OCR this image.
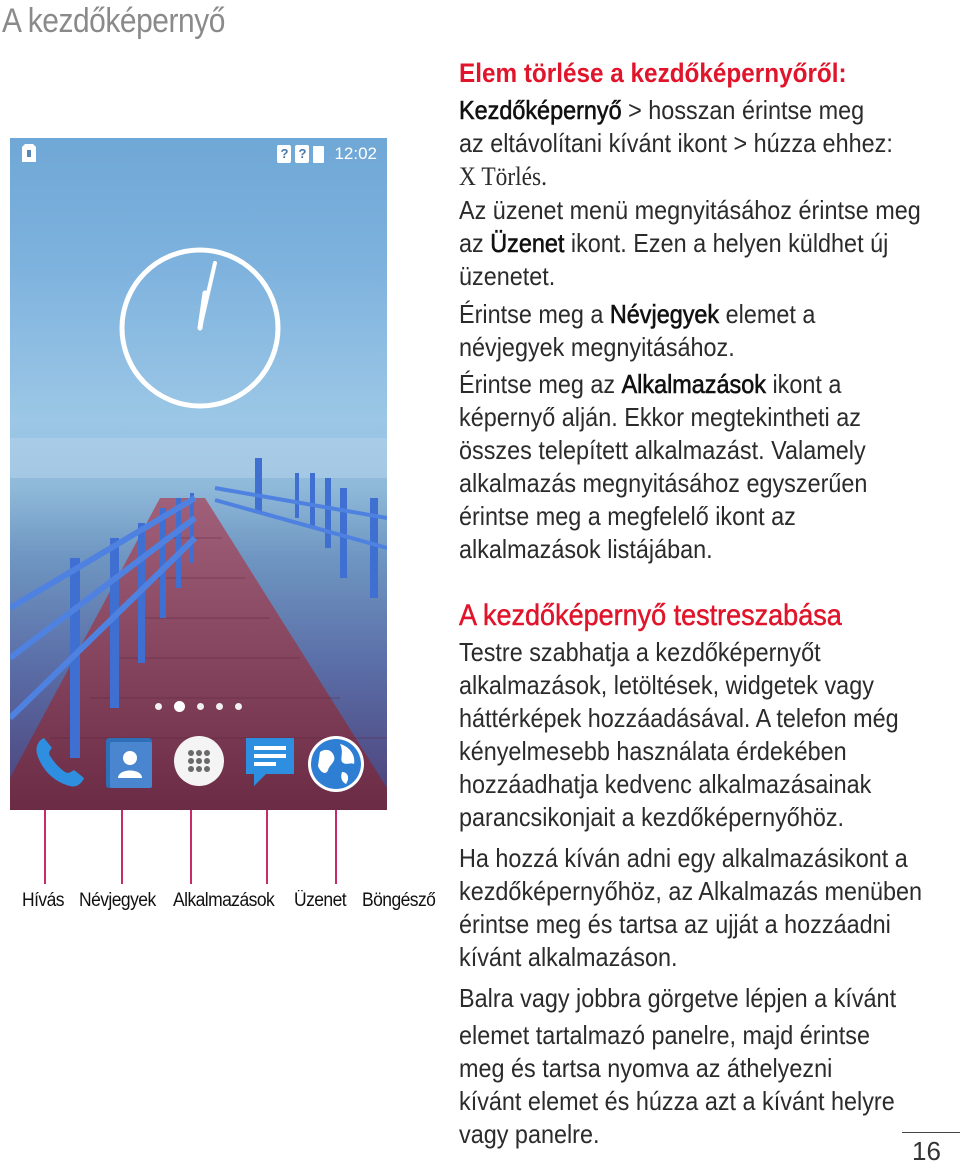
A kezdőképernyő
? ? 12:02
Hívás Névjegyek Alkalmazások Üzenet Böngésző
Elem törlése a kezdőképernyőről:
Kezdőképernyő > hosszan érintse meg
az eltávolítani kívánt ikont > húzza ehhez:
X Törlés.
Az üzenet menü megnyitásához érintse meg
az Üzenet ikont. Ezen a helyen küldhet új
üzenetet.
Érintse meg a Névjegyek elemet a
névjegyek megnyitásához.
Érintse meg az Alkalmazások ikont a
képernyő alján. Ekkor megtekintheti az
összes telepített alkalmazást. Valamely
alkalmazás megnyitásához egyszerűen
érintse meg a megfelelő ikont az
alkalmazások listájában.
A kezdőképernyő testreszabása
Testre szabhatja a kezdőképernyőt
alkalmazások, letöltések, widgetek vagy
háttérképek hozzáadásával. A telefon még
kényelmesebb használata érdekében
hozzáadhatja kedvenc alkalmazásainak
parancsikonjait a kezdőképernyőhöz.
Ha hozzá kíván adni egy alkalmazásikont a
kezdőképernyőhöz, az Alkalmazás menüben
érintse meg és tartsa az ujját a hozzáadni
kívánt alkalmazáson.
Balra vagy jobbra görgetve lépjen a kívánt
elemet tartalmazó panelre, majd érintse
meg és tartsa nyomva az áthelyezni
kívánt elemet és húzza azt a kívánt helyre
vagy panelre.
16
